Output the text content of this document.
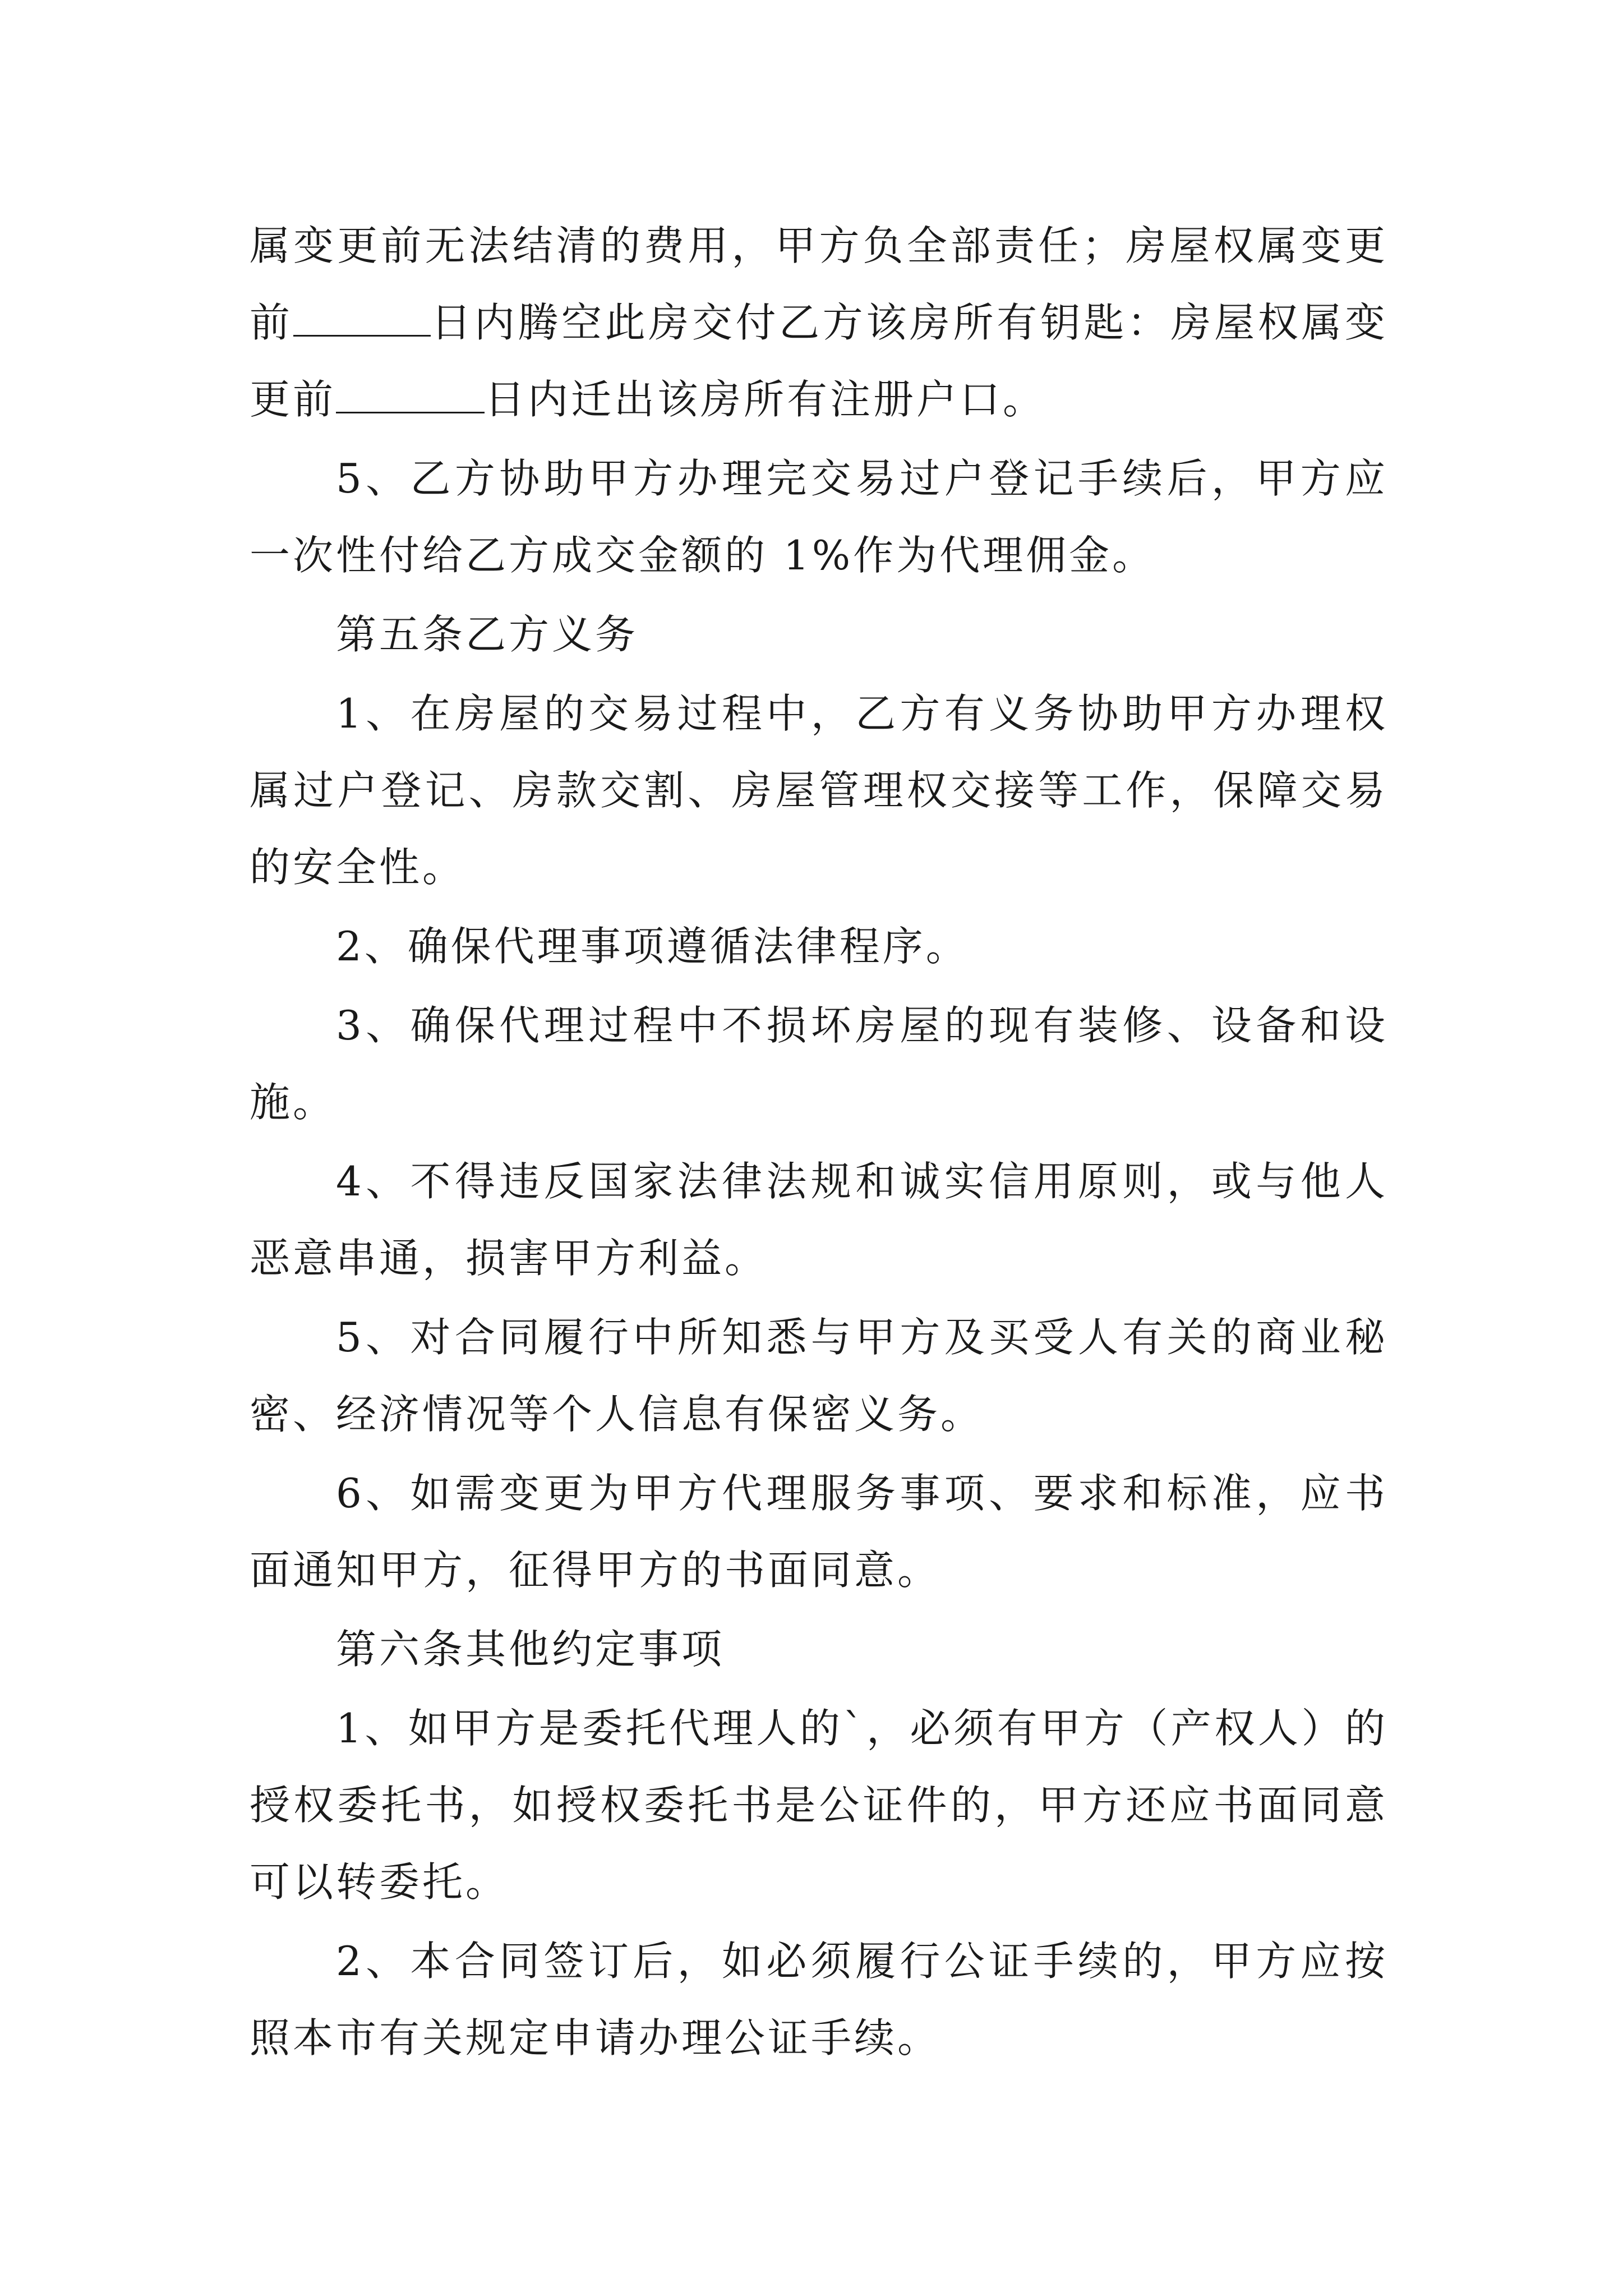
属变更前无法结清的费用，甲方负全部责任；房屋权属变更前	日内腾空此房交付乙方该房所有钥匙：房屋权属变更前	日内迁出该房所有注册户口。

5、乙方协助甲方办理完交易过户登记手续后，甲方应一次性付给乙方成交金额的 1%作为代理佣金。

第五条乙方义务

1、在房屋的交易过程中，乙方有义务协助甲方办理权属过户登记、房款交割、房屋管理权交接等工作，保障交易的安全性。

2、确保代理事项遵循法律程序。

3、确保代理过程中不损坏房屋的现有装修、设备和设施。

4、不得违反国家法律法规和诚实信用原则，或与他人恶意串通，损害甲方利益。

5、对合同履行中所知悉与甲方及买受人有关的商业秘密、经济情况等个人信息有保密义务。

6、如需变更为甲方代理服务事项、要求和标准，应书面通知甲方，征得甲方的书面同意。

第六条其他约定事项

1、如甲方是委托代理人的`，必须有甲方（产权人）的授权委托书，如授权委托书是公证件的，甲方还应书面同意可以转委托。

2、本合同签订后，如必须履行公证手续的，甲方应按照本市有关规定申请办理公证手续。
